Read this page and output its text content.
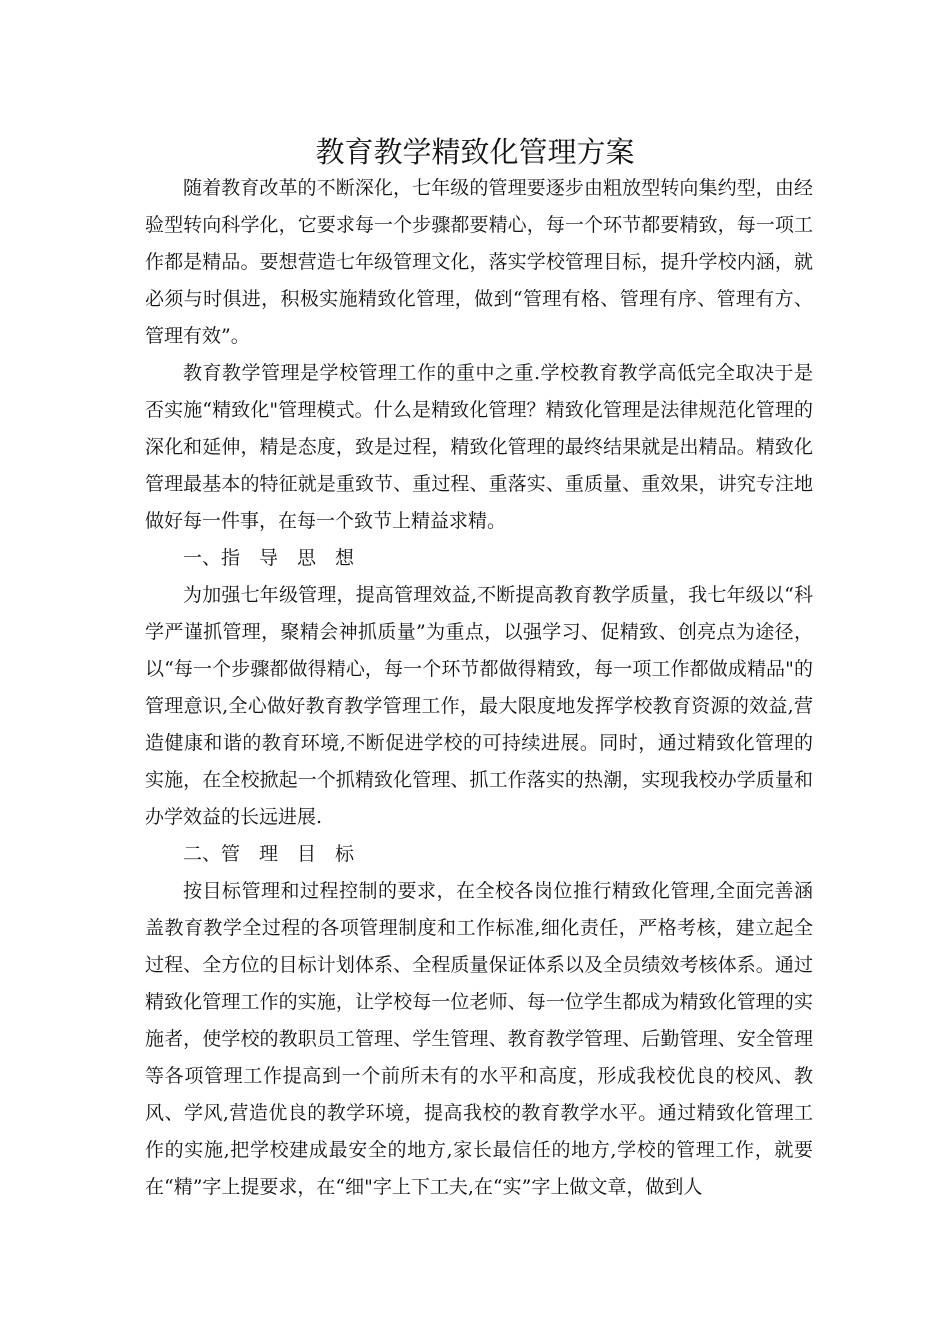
教育教学精致化管理方案

随着教育改革的不断深化，七年级的管理要逐步由粗放型转向集约型，由经验型转向科学化，它要求每一个步骤都要精心，每一个环节都要精致，每一项工作都是精品。要想营造七年级管理文化，落实学校管理目标，提升学校内涵，就必须与时俱进，积极实施精致化管理，做到“管理有格、管理有序、管理有方、管理有效”。

教育教学管理是学校管理工作的重中之重.学校教育教学高低完全取决于是否实施“精致化"管理模式。什么是精致化管理？精致化管理是法律规范化管理的深化和延伸，精是态度，致是过程，精致化管理的最终结果就是出精品。精致化管理最基本的特征就是重致节、重过程、重落实、重质量、重效果，讲究专注地做好每一件事，在每一个致节上精益求精。

一、指　导　思　想

为加强七年级管理，提高管理效益,不断提高教育教学质量，我七年级以“科学严谨抓管理，聚精会神抓质量”为重点，以强学习、促精致、创亮点为途径，以“每一个步骤都做得精心，每一个环节都做得精致，每一项工作都做成精品"的管理意识,全心做好教育教学管理工作，最大限度地发挥学校教育资源的效益,营造健康和谐的教育环境,不断促进学校的可持续进展。同时，通过精致化管理的实施，在全校掀起一个抓精致化管理、抓工作落实的热潮，实现我校办学质量和办学效益的长远进展.

二、管　理　目　标

按目标管理和过程控制的要求，在全校各岗位推行精致化管理,全面完善涵盖教育教学全过程的各项管理制度和工作标准,细化责任，严格考核，建立起全过程、全方位的目标计划体系、全程质量保证体系以及全员绩效考核体系。通过精致化管理工作的实施，让学校每一位老师、每一位学生都成为精致化管理的实施者，使学校的教职员工管理、学生管理、教育教学管理、后勤管理、安全管理等各项管理工作提高到一个前所未有的水平和高度，形成我校优良的校风、教风、学风,营造优良的教学环境，提高我校的教育教学水平。通过精致化管理工作的实施,把学校建成最安全的地方,家长最信任的地方,学校的管理工作，就要在“精”字上提要求，在“细"字上下工夫,在“实”字上做文章，做到人
